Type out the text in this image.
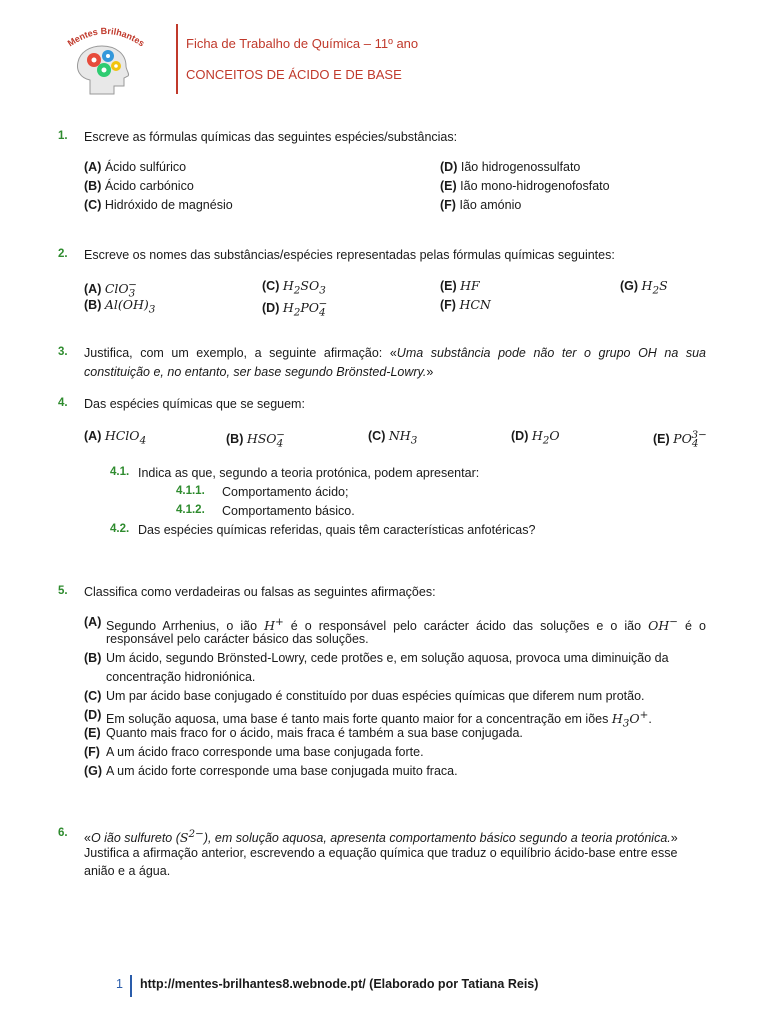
Mentes Brilhantes	Ficha de Trabalho de Química – 11º ano
CONCEITOS DE ÁCIDO E DE BASE
1. Escreve as fórmulas químicas das seguintes espécies/substâncias:
(A) Ácido sulfúrico
(B) Ácido carbónico
(C) Hidróxido de magnésio
(D) Ião hidrogenossulfato
(E) Ião mono-hidrogenofosfato
(F) Ião amónio
2. Escreve os nomes das substâncias/espécies representadas pelas fórmulas químicas seguintes:
(A) ClO$_3$−
(B) $Al(OH)_3$
(C) $H_2SO_3$
(D) $H_2PO_4^-$
(E) HF
(F) HCN
(G) $H_2S$
3. Justifica, com um exemplo, a seguinte afirmação: «Uma substância pode não ter o grupo OH na sua constituição e, no entanto, ser base segundo Brönsted-Lowry.»
4. Das espécies químicas que se seguem:
(A) HClO$_4$	(B) $HSO_4^-$	(C) $NH_3$	(D) $H_2O$	(E) $PO_4^{3-}$
4.1. Indica as que, segundo a teoria protónica, podem apresentar:
4.1.1. Comportamento ácido;
4.1.2. Comportamento básico.
4.2. Das espécies químicas referidas, quais têm características anfotéricas?
5. Classifica como verdadeiras ou falsas as seguintes afirmações:
(A) Segundo Arrhenius, o ião H+ é o responsável pelo carácter ácido das soluções e o ião OH− é o
responsável pelo carácter básico das soluções.
(B) Um ácido, segundo Brönsted-Lowry, cede protões e, em solução aquosa, provoca uma diminuição da
concentração hidroniónica.
(C) Um par ácido base conjugado é constituído por duas espécies químicas que diferem num protão.
(D) Em solução aquosa, uma base é tanto mais forte quanto maior for a concentração em iões $H_3O^+$.
(E) Quanto mais fraco for o ácido, mais fraca é também a sua base conjugada.
(F) A um ácido fraco corresponde uma base conjugada forte.
(G) A um ácido forte corresponde uma base conjugada muito fraca.
6. «O ião sulfureto $(S^{2-})$, em solução aquosa, apresenta comportamento básico segundo a teoria protónica.»
Justifica a afirmação anterior, escrevendo a equação química que traduz o equilíbrio ácido-base entre esse
anião e a água.
1 http://mentes-brilhantes8.webnode.pt/ (Elaborado por Tatiana Reis)
